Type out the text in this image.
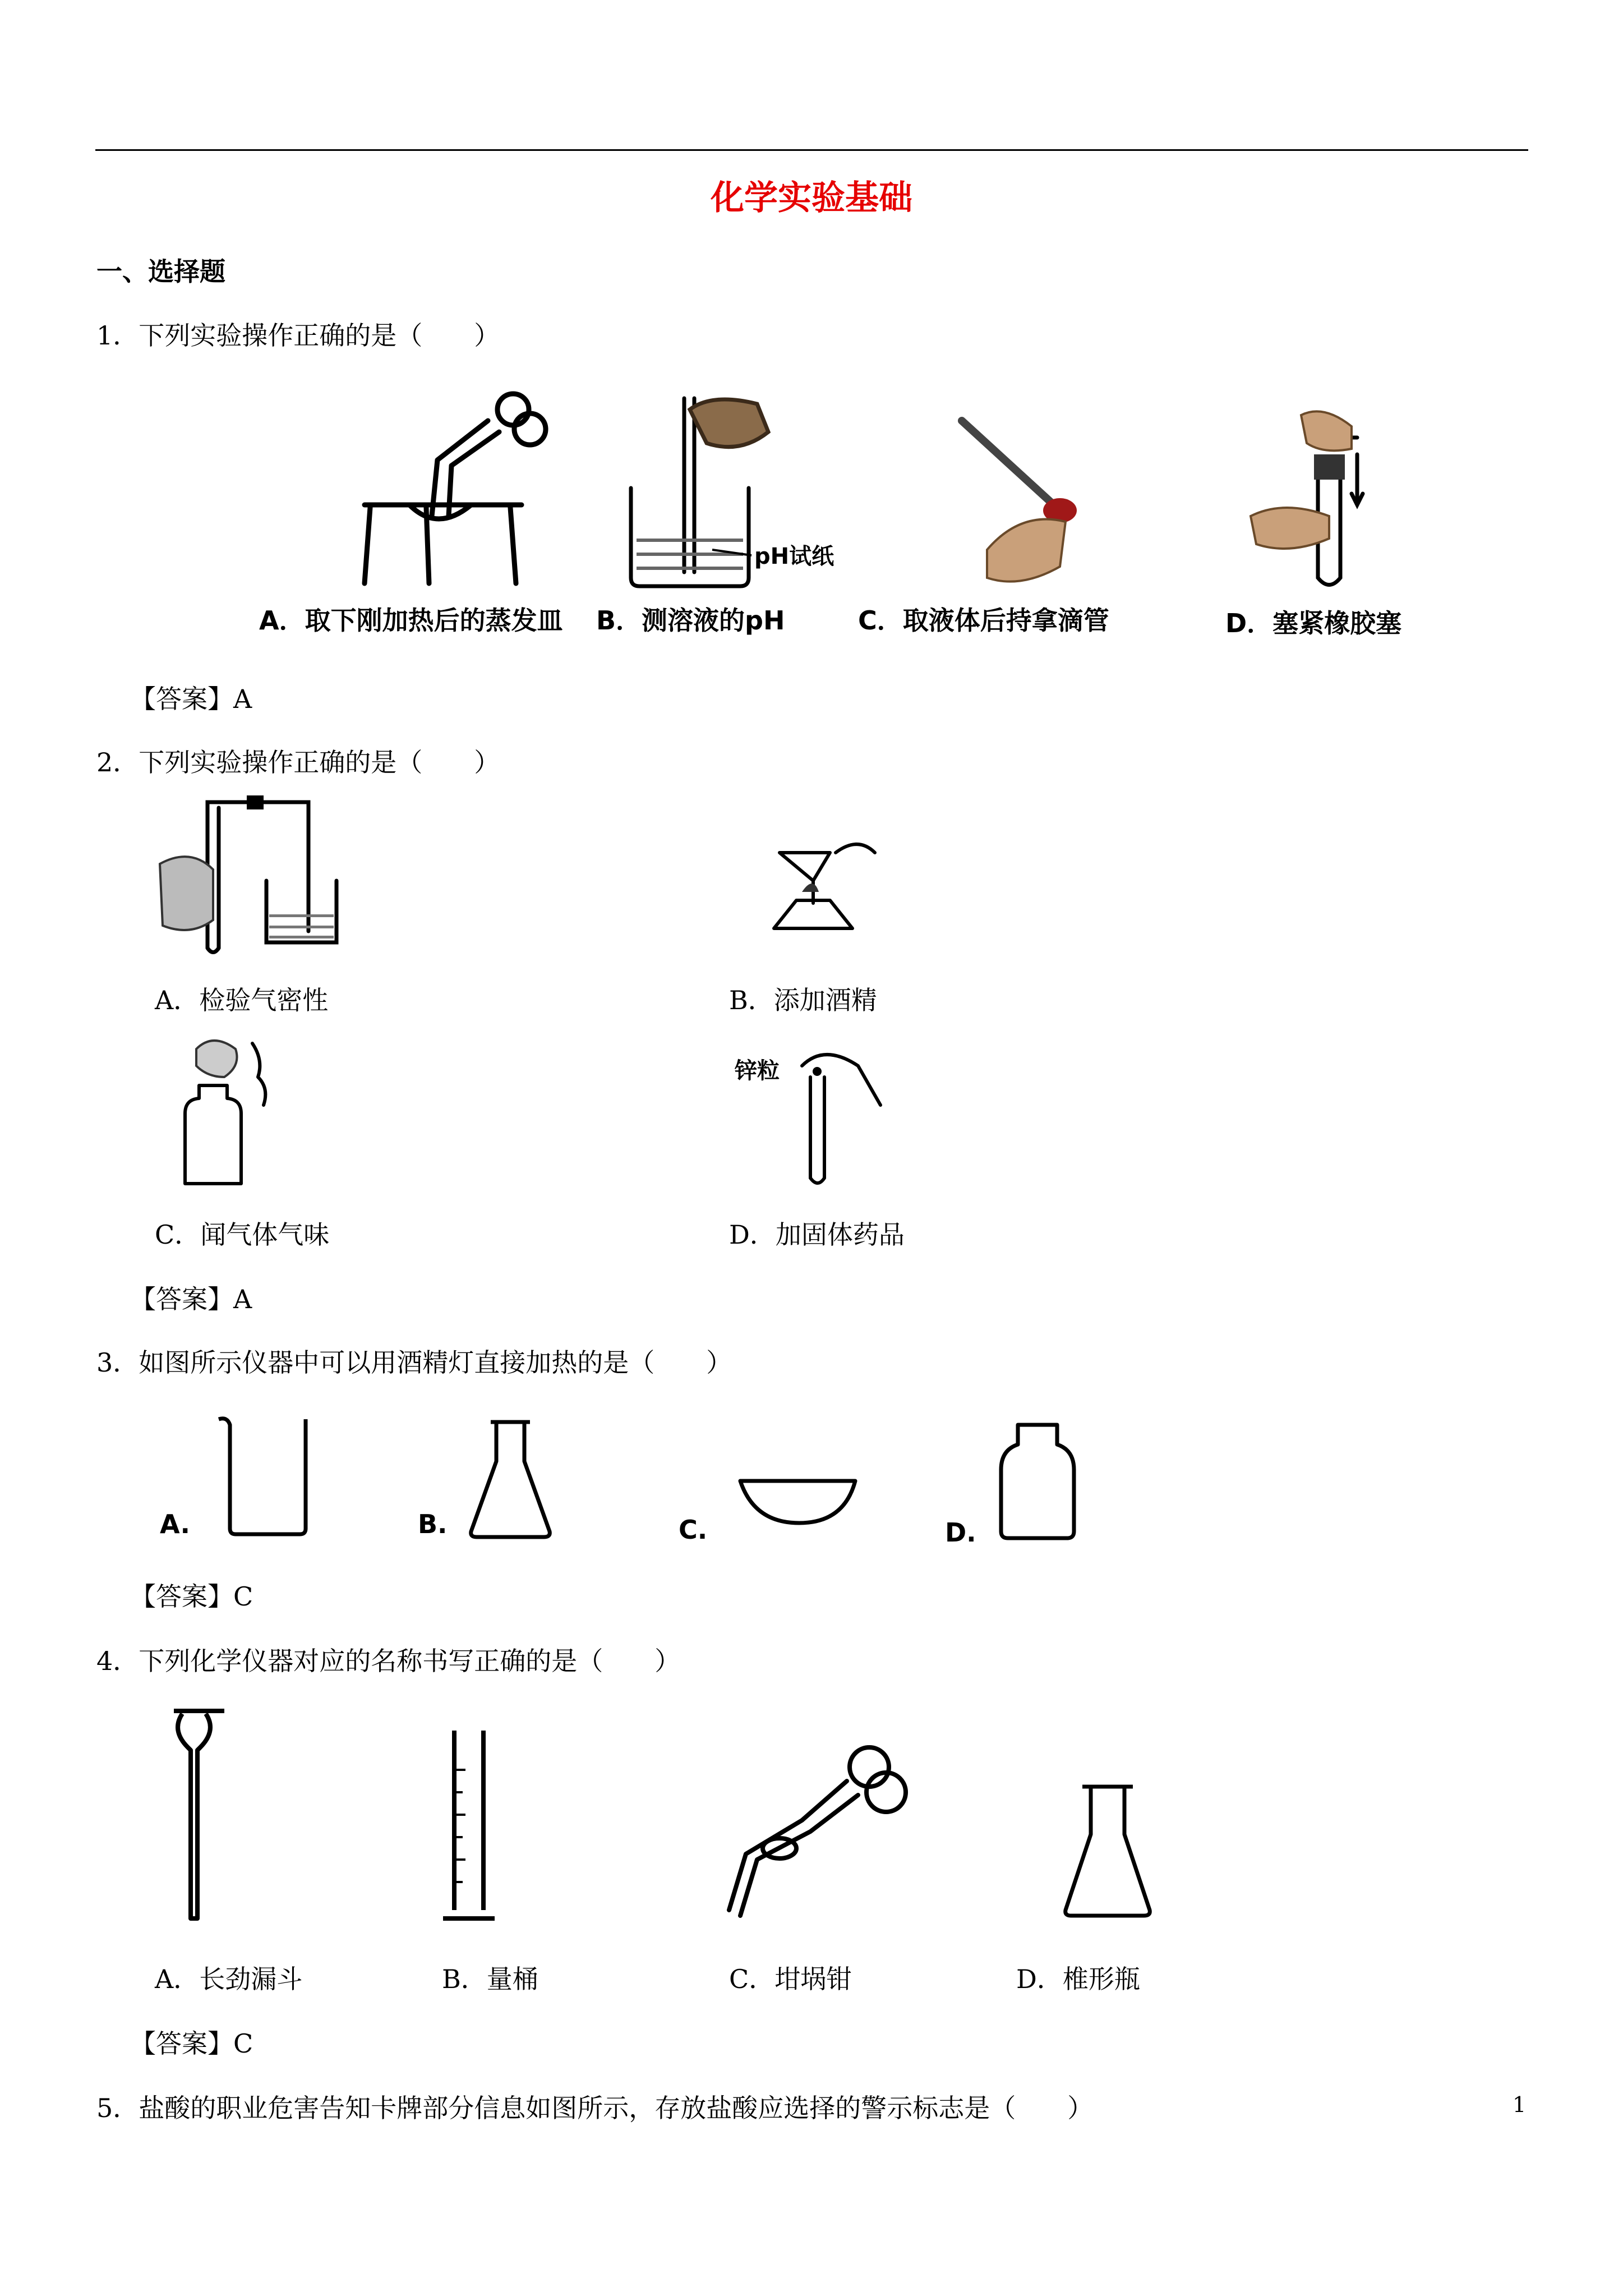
化学实验基础
一、选择题
1．下列实验操作正确的是（　　）
pH试纸
A．取下刚加热后的蒸发皿 B．测溶液的pH	C．取液体后持拿滴管	D．塞紧橡胶塞
【答案】A
2．下列实验操作正确的是（　　）
A．检验气密性	B．添加酒精
锌粒
C．闻气体气味	D．加固体药品
【答案】A
3．如图所示仪器中可以用酒精灯直接加热的是（　　）
A.	B.	C.	D.
【答案】C
4．下列化学仪器对应的名称书写正确的是（　　）
A．长劲漏斗	B．量桶	C．坩埚钳	D．椎形瓶
【答案】C
5．盐酸的职业危害告知卡牌部分信息如图所示，存放盐酸应选择的警示标志是（　　）	1
